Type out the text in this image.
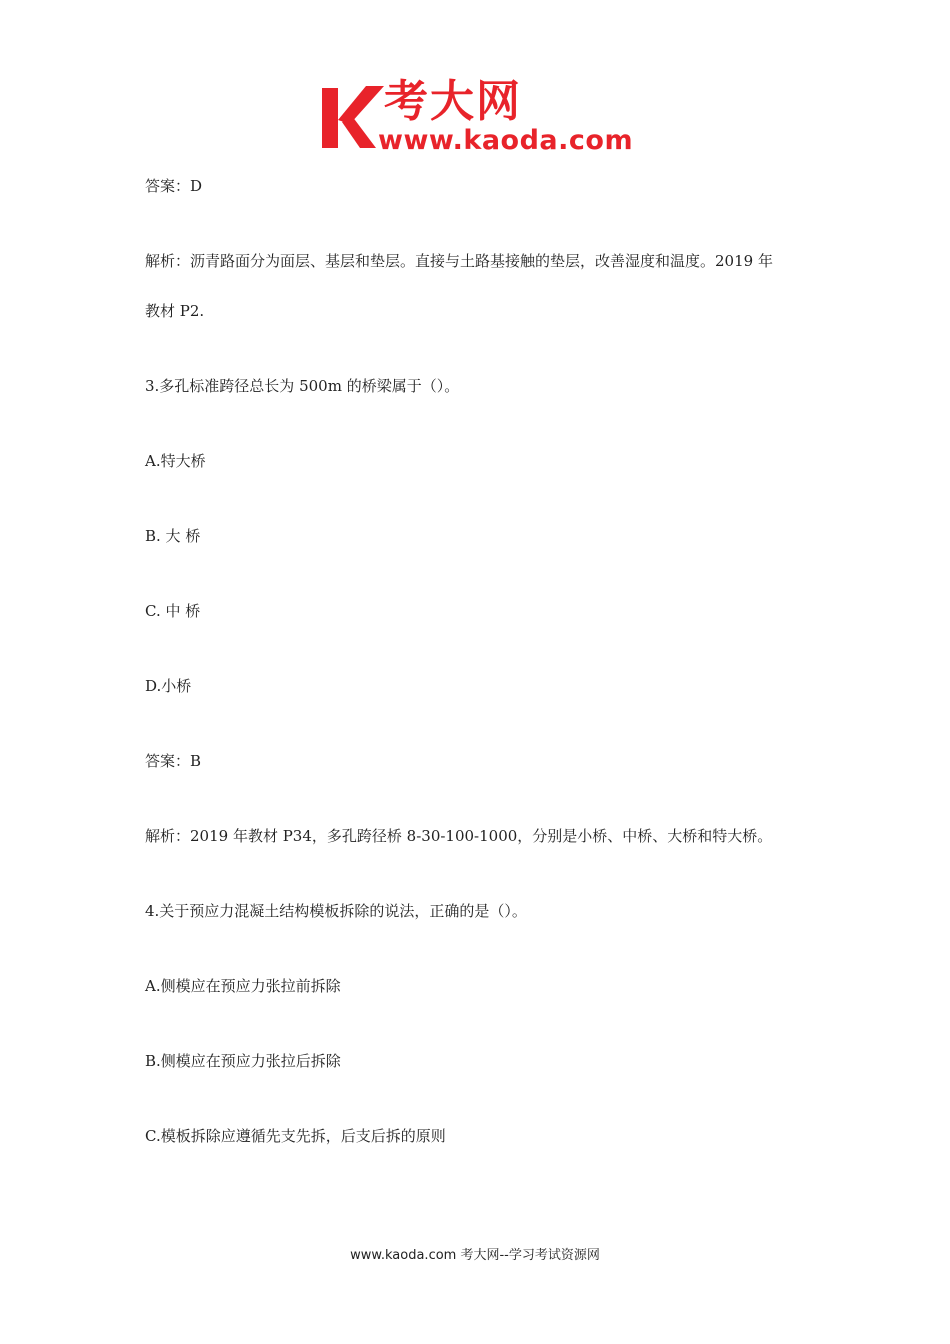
考大网
www.kaoda.com
答案：D
解析：沥青路面分为面层、基层和垫层。直接与土路基接触的垫层，改善湿度和温度。2019 年
教材 P2.
3.多孔标准跨径总长为 500m 的桥梁属于（）。
A.特大桥
B. 大 桥
C. 中 桥
D.小桥
答案：B
解析：2019 年教材 P34，多孔跨径桥 8-30-100-1000，分别是小桥、中桥、大桥和特大桥。
4.关于预应力混凝土结构模板拆除的说法，正确的是（）。
A.侧模应在预应力张拉前拆除
B.侧模应在预应力张拉后拆除
C.模板拆除应遵循先支先拆，后支后拆的原则
www.kaoda.com 考大网--学习考试资源网
